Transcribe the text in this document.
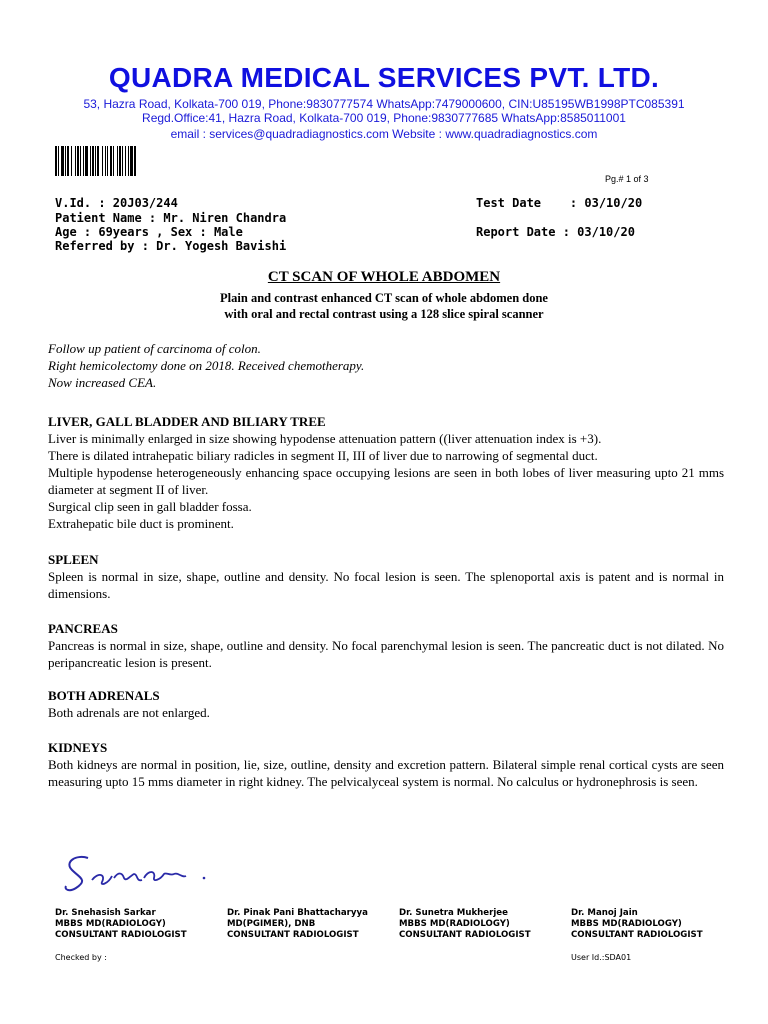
QUADRA MEDICAL SERVICES PVT. LTD.
53, Hazra Road, Kolkata-700 019, Phone:9830777574 WhatsApp:7479000600, CIN:U85195WB1998PTC085391
Regd.Office:41, Hazra Road, Kolkata-700 019, Phone:9830777685 WhatsApp:8585011001
email : services@quadradiagnostics.com Website : www.quadradiagnostics.com
Pg.# 1 of 3
V.Id. : 20J03/244
Patient Name : Mr. Niren Chandra
Age : 69years , Sex : Male
Referred by : Dr. Yogesh Bavishi
Test Date    : 03/10/20
Report Date : 03/10/20
CT SCAN OF WHOLE ABDOMEN
Plain and contrast enhanced CT scan of whole abdomen done
with oral and rectal contrast using a 128 slice spiral scanner
Follow up patient of carcinoma of colon.
Right hemicolectomy done on 2018. Received chemotherapy.
Now increased CEA.

LIVER, GALL BLADDER AND BILIARY TREE

Liver is minimally enlarged in size showing hypodense attenuation pattern ((liver attenuation index is +3).

There is dilated intrahepatic biliary radicles in segment II, III of liver due to narrowing of segmental duct.

Multiple hypodense heterogeneously enhancing space occupying lesions are seen in both lobes of liver measuring upto 21 mms diameter at segment II of liver.

Surgical clip seen in gall bladder fossa.

Extrahepatic bile duct is prominent.

SPLEEN

Spleen is normal in size, shape, outline and density. No focal lesion is seen. The splenoportal axis is patent and is normal in dimensions.

PANCREAS

Pancreas is normal in size, shape, outline and density. No focal parenchymal lesion is seen. The pancreatic duct is not dilated. No peripancreatic lesion is present.

BOTH ADRENALS

Both adrenals are not enlarged.

KIDNEYS

Both kidneys are normal in position, lie, size, outline, density and excretion pattern. Bilateral simple renal cortical cysts are seen measuring upto 15 mms diameter in right kidney. The pelvicalyceal system is normal. No calculus or hydronephrosis is seen.

Dr. Snehasish Sarkar
MBBS MD(RADIOLOGY)
CONSULTANT RADIOLOGIST
Dr. Pinak Pani Bhattacharyya
MD(PGIMER), DNB
CONSULTANT RADIOLOGIST
Dr. Sunetra Mukherjee
MBBS MD(RADIOLOGY)
CONSULTANT RADIOLOGIST
Dr. Manoj Jain
MBBS MD(RADIOLOGY)
CONSULTANT RADIOLOGIST
Checked by :	User Id.:SDA01
